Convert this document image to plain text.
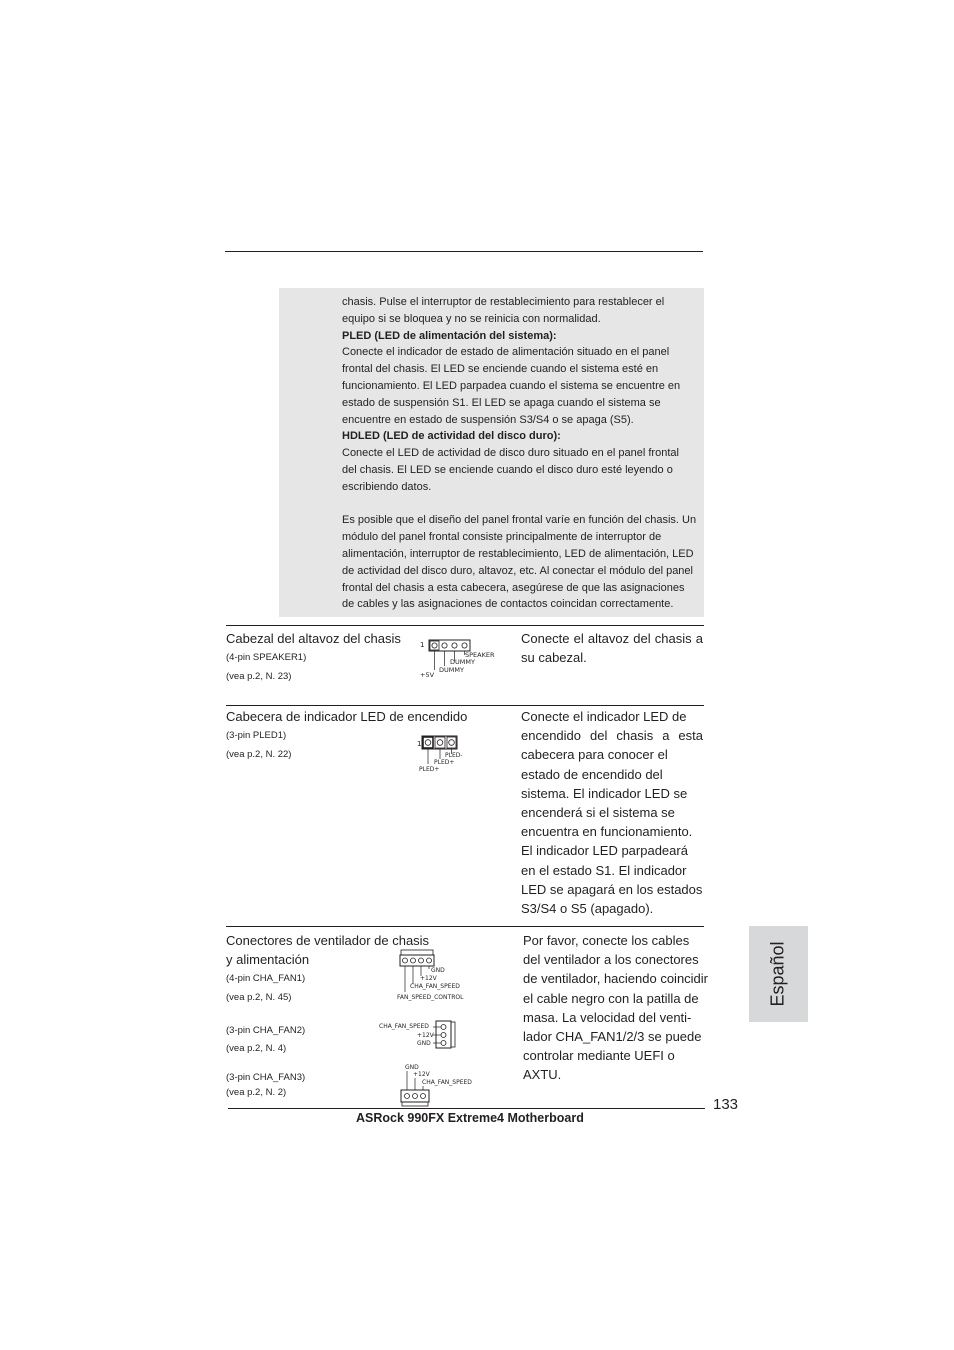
chasis. Pulse el interruptor de restablecimiento para restablecer el

equipo si se bloquea y no se reinicia con normalidad.

PLED (LED de alimentación del sistema):

Conecte el indicador de estado de alimentación situado en el panel

frontal del chasis. El LED se enciende cuando el sistema esté en

funcionamiento. El LED parpadea cuando el sistema se encuentre en

estado de suspensión S1. El LED se apaga cuando el sistema se

encuentre en estado de suspensión S3/S4 o se apaga (S5).

HDLED (LED de actividad del disco duro):

Conecte el LED de actividad de disco duro situado en el panel frontal

del chasis. El LED se enciende cuando el disco duro esté leyendo o

escribiendo datos.

Es posible que el diseño del panel frontal varíe en función del chasis. Un

módulo del panel frontal consiste principalmente de interruptor de

alimentación, interruptor de restablecimiento, LED de alimentación, LED

de actividad del disco duro, altavoz, etc. Al conectar el módulo del panel

frontal del chasis a esta cabecera, asegúrese de que las asignaciones

de cables y las asignaciones de contactos coincidan correctamente.

Cabezal del altavoz del chasis
(4-pin SPEAKER1)
(vea p.2, N. 23)

Conecte el altavoz del chasis a

su cabezal.

1
SPEAKER
DUMMY
DUMMY
+5V
Cabecera de indicador LED de encendido
(3-pin PLED1)
(vea p.2, N. 22)

Conecte el indicador LED de

encendido del chasis a esta

cabecera para conocer el

estado de encendido del

sistema. El indicador LED se

encenderá si el sistema se

encuentra en funcionamiento.

El indicador LED parpadeará

en el estado S1. El indicador

LED se apagará en los estados

S3/S4 o S5 (apagado).

1
PLED-
PLED+
PLED+
Conectores de ventilador de chasis
y alimentación
(4-pin CHA_FAN1)
(vea p.2, N. 45)
(3-pin CHA_FAN2)
(vea p.2, N. 4)
(3-pin CHA_FAN3)
(vea p.2, N. 2)

Por favor, conecte los cables

del ventilador a los conectores

de ventilador, haciendo coincidir

el cable negro con la patilla de

masa. La velocidad del venti-

lador CHA_FAN1/2/3 se puede

controlar mediante UEFI o

AXTU.

GND
+12V
CHA_FAN_SPEED
FAN_SPEED_CONTROL
CHA_FAN_SPEED
+12V
GND
GND
+12V
CHA_FAN_SPEED
Español
133
ASRock 990FX Extreme4 Motherboard
